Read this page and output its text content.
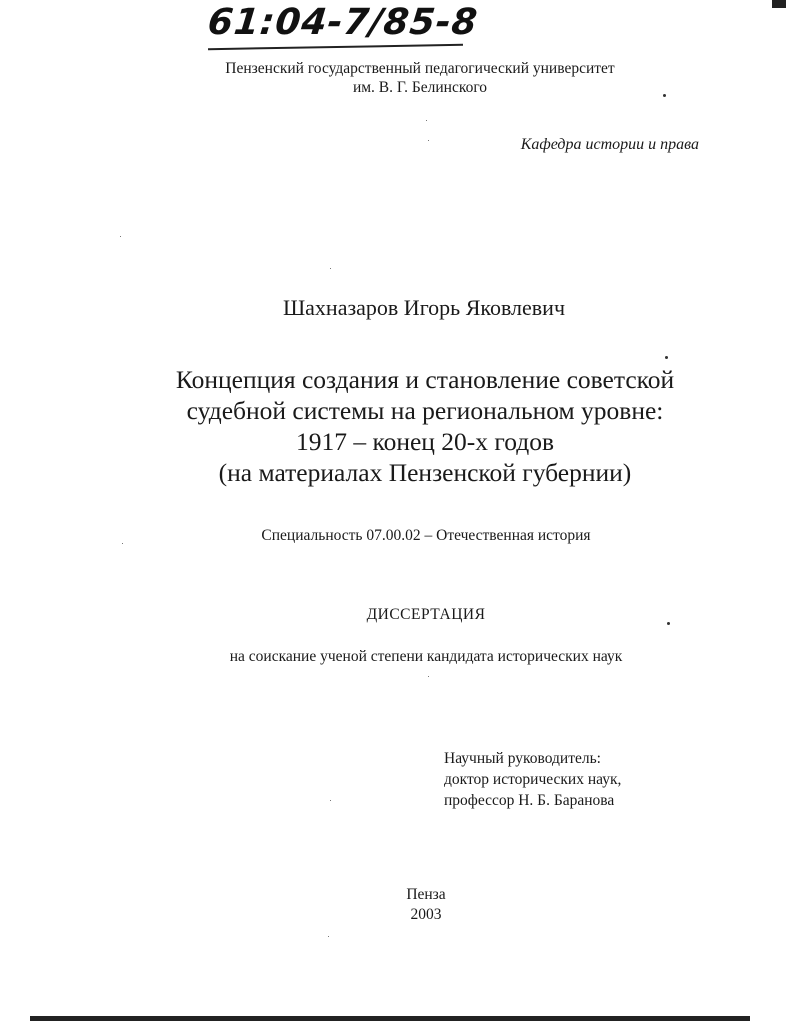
61:04-7/85-8
Пензенский государственный педагогический университет
им. В. Г. Белинского
Кафедра истории и права
Шахназаров Игорь Яковлевич
Концепция создания и становление советской
судебной системы на региональном уровне:
1917 – конец 20-х годов
(на материалах Пензенской губернии)
Специальность 07.00.02 – Отечественная история
ДИССЕРТАЦИЯ
на соискание ученой степени кандидата исторических наук
Научный руководитель:
доктор исторических наук,
профессор Н. Б. Баранова
Пенза
2003
